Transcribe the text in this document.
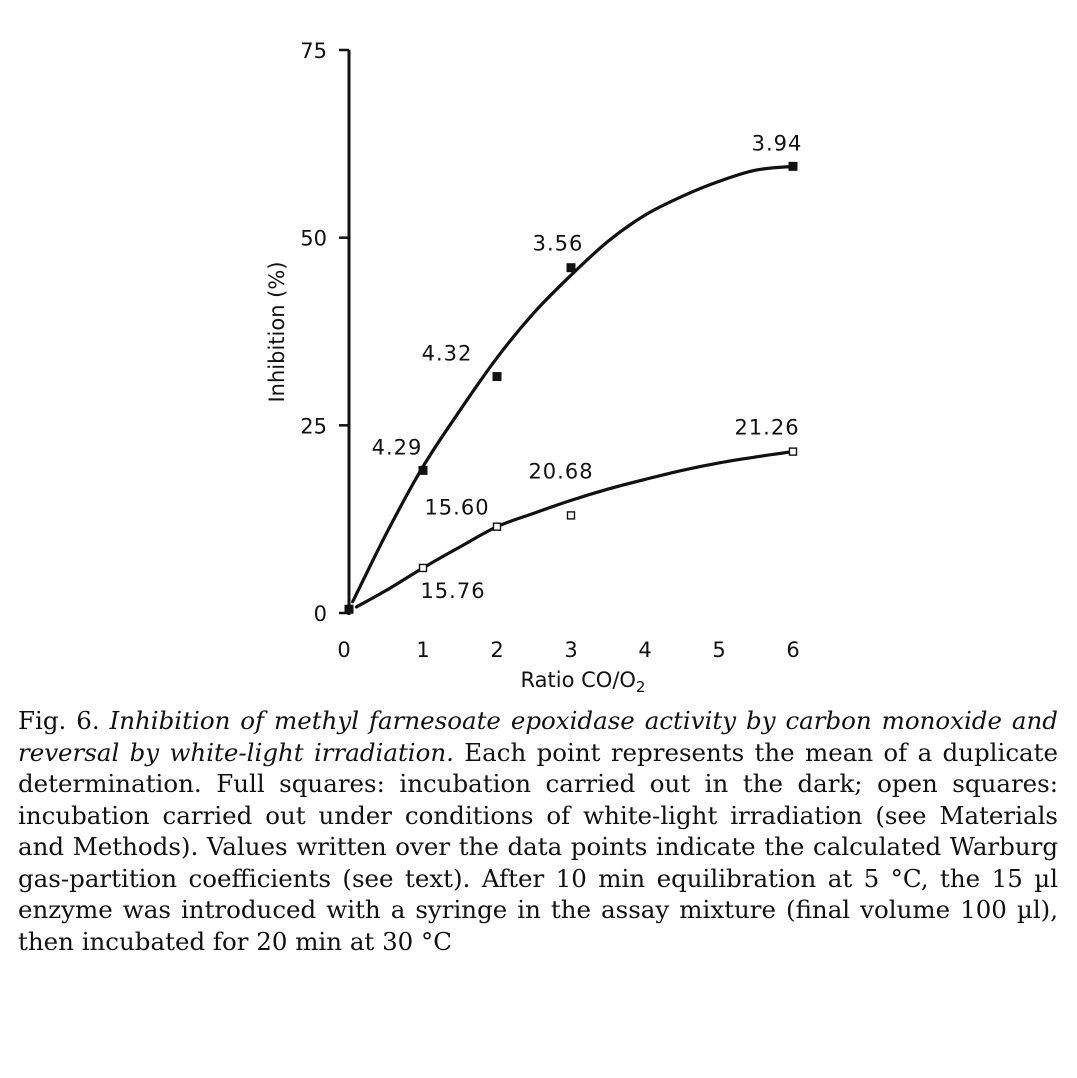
0
25
50
75
0	1	2	3	4	5	6
Inhibition (%)
Ratio $CO/O_2$
4.29
4.32
3.56
3.94
15.76
15.60
20.68
21.26
Fig. 6. Inhibition of methyl farnesoate epoxidase activity by carbon monoxide and reversal by white-light irradiation. Each point represents the mean of a duplicate determination. Full squares: incubation carried out in the dark; open squares: incubation carried out under conditions of white-light irradiation (see Materials and Methods). Values written over the data points indicate the calculated Warburg gas-partition coefficients (see text). After 10 min equilibration at 5 °C, the 15 µl enzyme was introduced with a syringe in the assay mixture (final volume 100 µl), then incubated for 20 min at 30 °C
